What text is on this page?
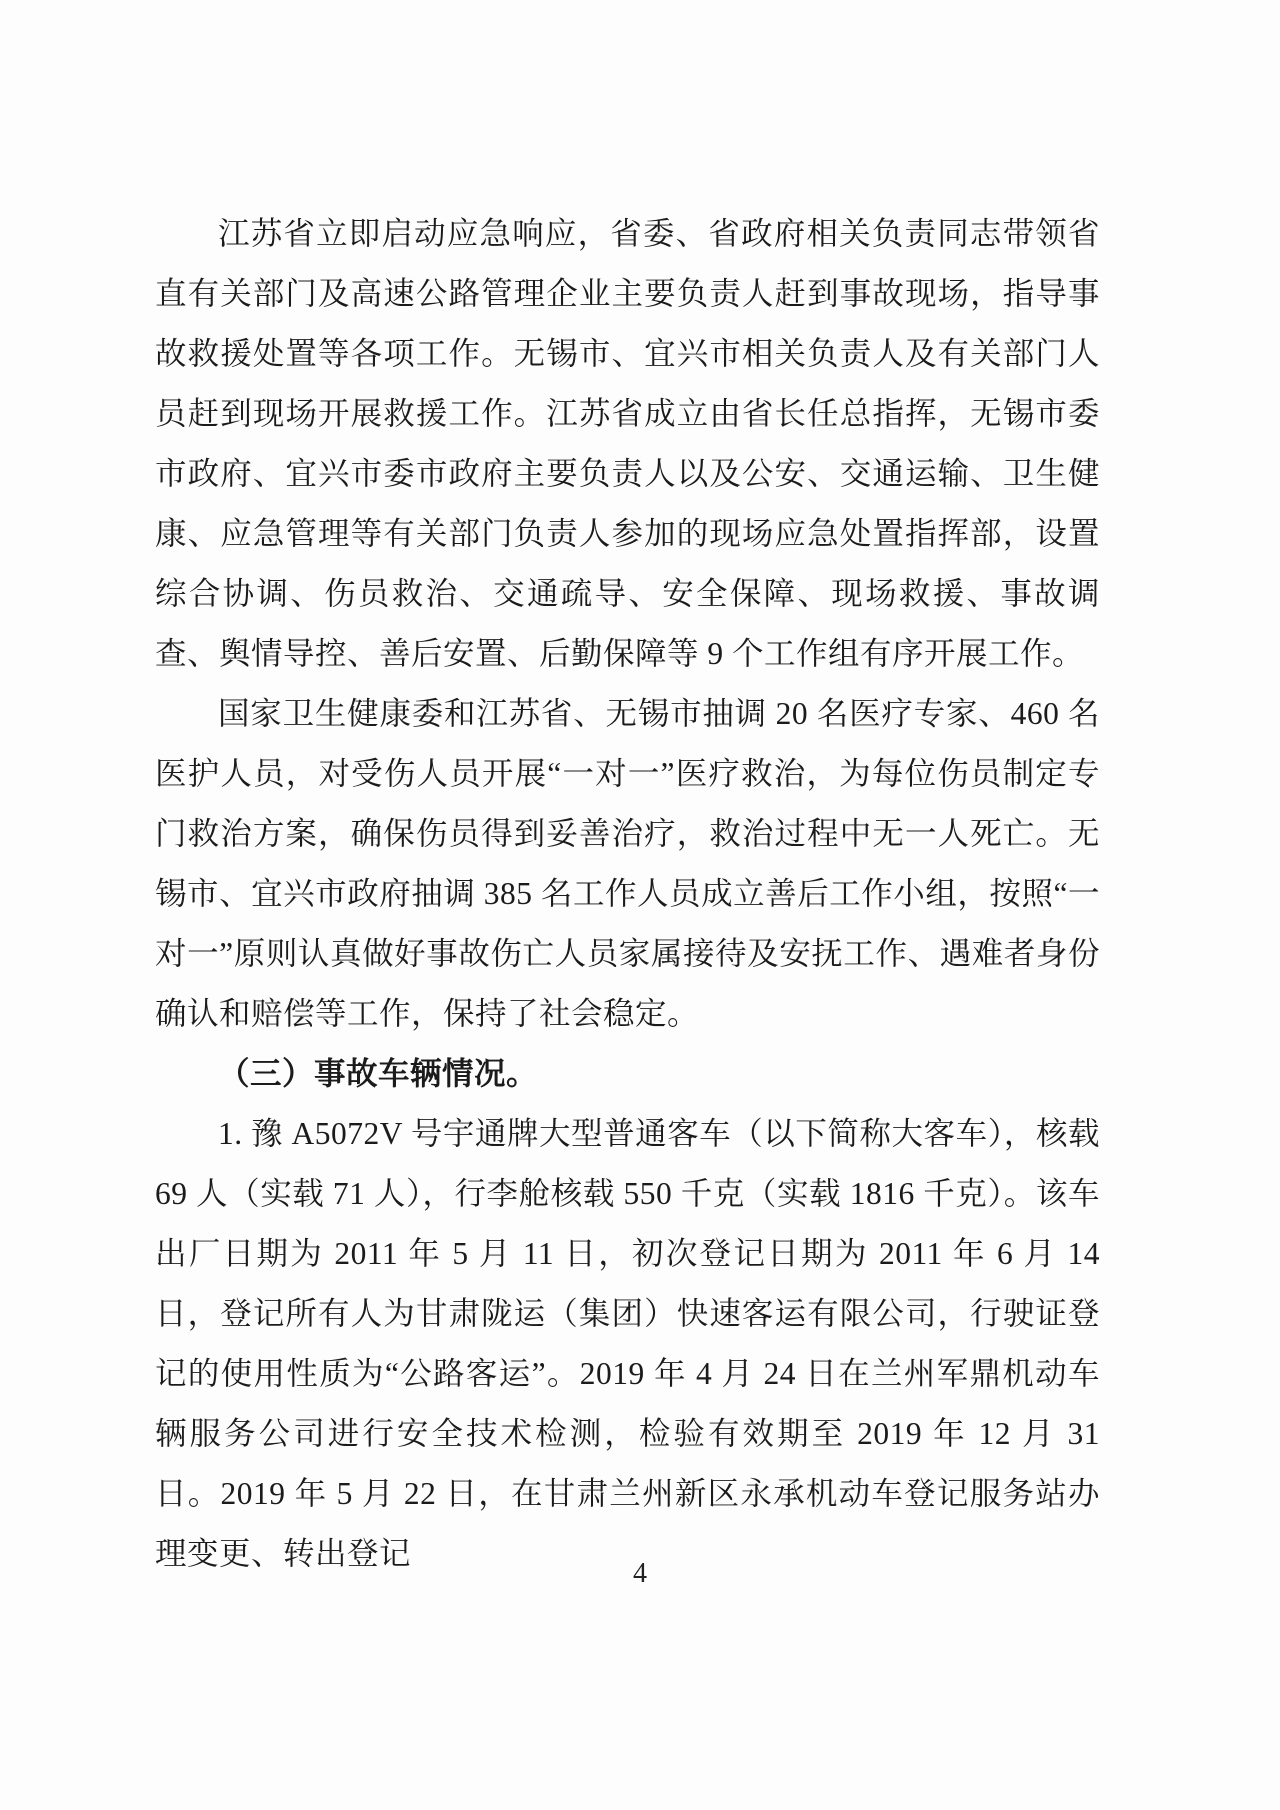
江苏省立即启动应急响应，省委、省政府相关负责同志带领省直有关部门及高速公路管理企业主要负责人赶到事故现场，指导事故救援处置等各项工作。无锡市、宜兴市相关负责人及有关部门人员赶到现场开展救援工作。江苏省成立由省长任总指挥，无锡市委市政府、宜兴市委市政府主要负责人以及公安、交通运输、卫生健康、应急管理等有关部门负责人参加的现场应急处置指挥部，设置综合协调、伤员救治、交通疏导、安全保障、现场救援、事故调查、舆情导控、善后安置、后勤保障等 9 个工作组有序开展工作。

国家卫生健康委和江苏省、无锡市抽调 20 名医疗专家、460 名医护人员，对受伤人员开展“一对一”医疗救治，为每位伤员制定专门救治方案，确保伤员得到妥善治疗，救治过程中无一人死亡。无锡市、宜兴市政府抽调 385 名工作人员成立善后工作小组，按照“一对一”原则认真做好事故伤亡人员家属接待及安抚工作、遇难者身份确认和赔偿等工作，保持了社会稳定。

（三）事故车辆情况。

1. 豫 A5072V 号宇通牌大型普通客车（以下简称大客车），核载 69 人（实载 71 人），行李舱核载 550 千克（实载 1816 千克）。该车出厂日期为 2011 年 5 月 11 日，初次登记日期为 2011 年 6 月 14 日，登记所有人为甘肃陇运（集团）快速客运有限公司，行驶证登记的使用性质为“公路客运”。2019 年 4 月 24 日在兰州军鼎机动车辆服务公司进行安全技术检测，检验有效期至 2019 年 12 月 31 日。2019 年 5 月 22 日，在甘肃兰州新区永承机动车登记服务站办理变更、转出登记

4
